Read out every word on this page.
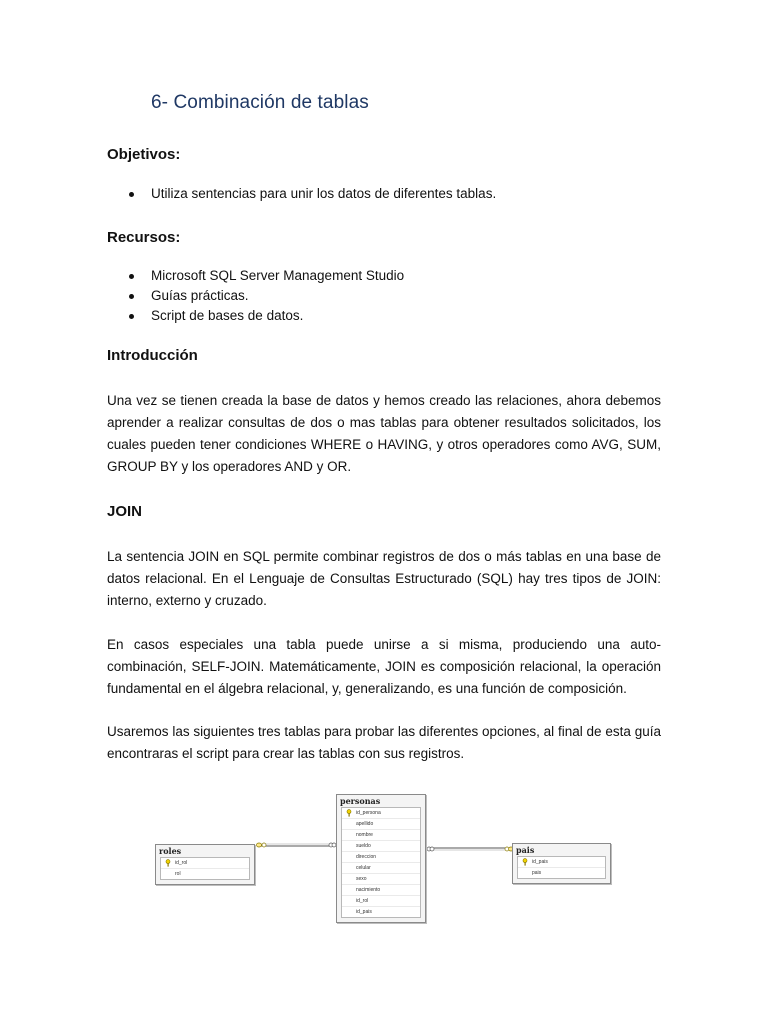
6- Combinación de tablas
Objetivos:
Utiliza sentencias para unir los datos de diferentes tablas.
Recursos:
Microsoft SQL Server Management Studio
Guías prácticas.
Script de bases de datos.
Introducción

Una vez se tienen creada la base de datos y hemos creado las relaciones, ahora debemos aprender a realizar consultas de dos o mas tablas para obtener resultados solicitados, los cuales pueden tener condiciones WHERE o HAVING, y otros operadores como AVG, SUM, GROUP BY y los operadores AND y OR.

JOIN

La sentencia JOIN en SQL permite combinar registros de dos o más tablas en una base de datos relacional. En el Lenguaje de Consultas Estructurado (SQL) hay tres tipos de JOIN: interno, externo y cruzado.

En casos especiales una tabla puede unirse a si misma, produciendo una auto-combinación, SELF-JOIN. Matemáticamente, JOIN es composición relacional, la operación fundamental en el álgebra relacional, y, generalizando, es una función de composición.

Usaremos las siguientes tres tablas para probar las diferentes opciones, al final de esta guía encontraras el script para crear las tablas con sus registros.

roles
id_rol
rol
personas
id_persona
apellido
nombre
sueldo
direccion
celular
sexo
nacimiento
id_rol
id_pais
pais
id_pais
pais
